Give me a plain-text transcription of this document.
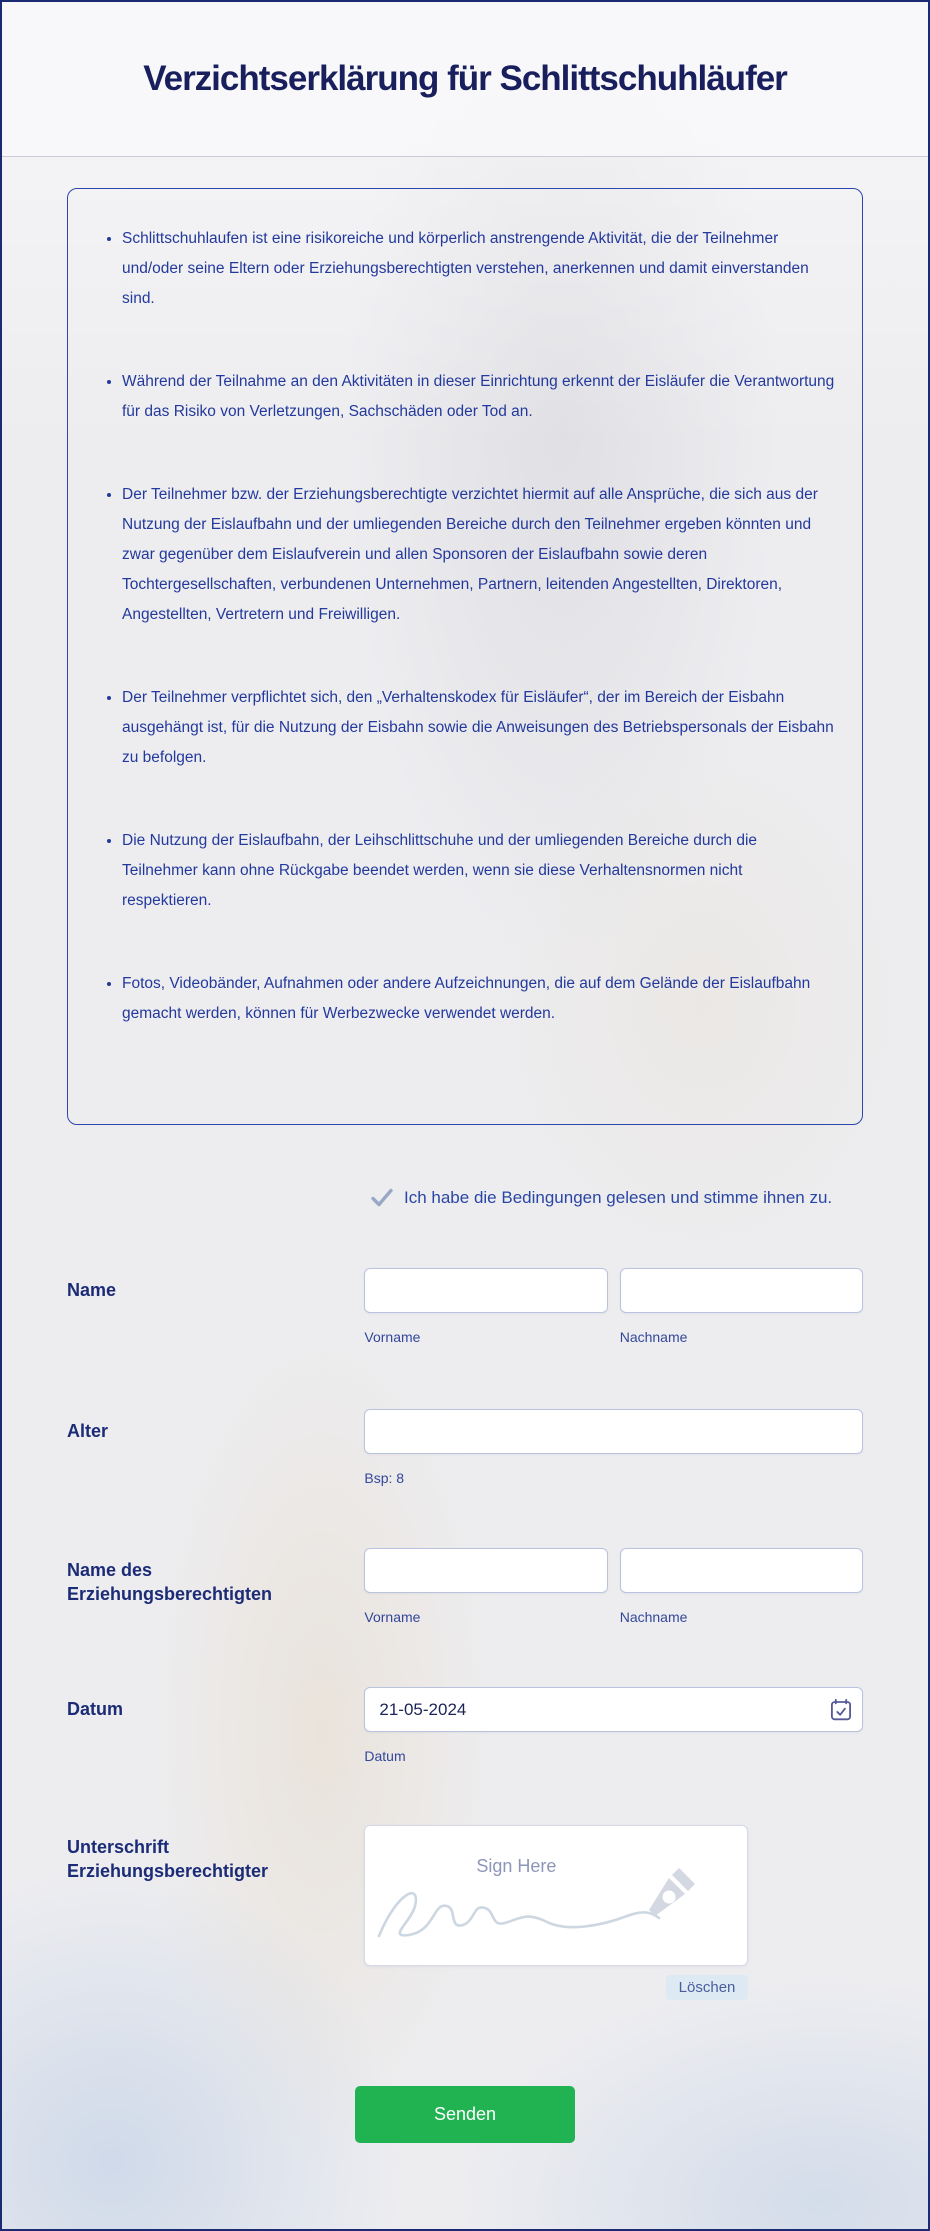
Verzichtserklärung für Schlittschuhläufer
• Schlittschuhlaufen ist eine risikoreiche und körperlich anstrengende Aktivität, die der Teilnehmer und/oder seine Eltern oder Erziehungsberechtigten verstehen, anerkennen und damit einverstanden sind.
• Während der Teilnahme an den Aktivitäten in dieser Einrichtung erkennt der Eisläufer die Verantwortung für das Risiko von Verletzungen, Sachschäden oder Tod an.
• Der Teilnehmer bzw. der Erziehungsberechtigte verzichtet hiermit auf alle Ansprüche, die sich aus der Nutzung der Eislaufbahn und der umliegenden Bereiche durch den Teilnehmer ergeben könnten und zwar gegenüber dem Eislaufverein und allen Sponsoren der Eislaufbahn sowie deren Tochtergesellschaften, verbundenen Unternehmen, Partnern, leitenden Angestellten, Direktoren, Angestellten, Vertretern und Freiwilligen.
• Der Teilnehmer verpflichtet sich, den „Verhaltenskodex für Eisläufer“, der im Bereich der Eisbahn ausgehängt ist, für die Nutzung der Eisbahn sowie die Anweisungen des Betriebspersonals der Eisbahn zu befolgen.
• Die Nutzung der Eislaufbahn, der Leihschlittschuhe und der umliegenden Bereiche durch die Teilnehmer kann ohne Rückgabe beendet werden, wenn sie diese Verhaltensnormen nicht respektieren.
• Fotos, Videobänder, Aufnahmen oder andere Aufzeichnungen, die auf dem Gelände der Eislaufbahn gemacht werden, können für Werbezwecke verwendet werden.
Ich habe die Bedingungen gelesen und stimme ihnen zu.
Name
Vorname	Nachname
Alter
Bsp: 8
Name des Erziehungsberechtigten
Vorname	Nachname
Datum
21-05-2024
Datum
Unterschrift Erziehungsberechtigter	Sign Here
Löschen
Senden
